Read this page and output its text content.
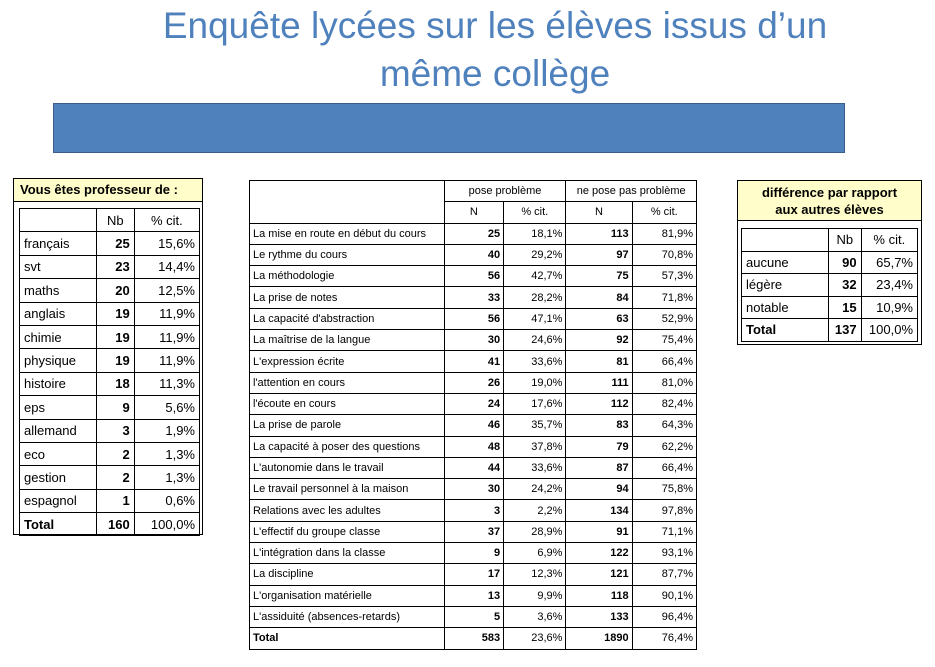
Enquête lycées sur les élèves issus d’un
même collège
Vous êtes professeur de :
	Nb	% cit.
français	25	15,6%
svt	23	14,4%
maths	20	12,5%
anglais	19	11,9%
chimie	19	11,9%
physique	19	11,9%
histoire	18	11,3%
eps	9	5,6%
allemand	3	1,9%
eco	2	1,3%
gestion	2	1,3%
espagnol	1	0,6%
Total	160	100,0%
	pose problème		ne pose pas problème	
	N	% cit.	N	% cit.
La mise en route en début du cours	25	18,1%	113	81,9%
Le rythme du cours	40	29,2%	97	70,8%
La méthodologie	56	42,7%	75	57,3%
La prise de notes	33	28,2%	84	71,8%
La capacité d'abstraction	56	47,1%	63	52,9%
La maîtrise de la langue	30	24,6%	92	75,4%
L'expression écrite	41	33,6%	81	66,4%
l'attention en cours	26	19,0%	111	81,0%
l'écoute en cours	24	17,6%	112	82,4%
La prise de parole	46	35,7%	83	64,3%
La capacité à poser des questions	48	37,8%	79	62,2%
L'autonomie dans le travail	44	33,6%	87	66,4%
Le travail personnel à la maison	30	24,2%	94	75,8%
Relations avec les adultes	3	2,2%	134	97,8%
L'effectif du groupe classe	37	28,9%	91	71,1%
L'intégration dans la classe	9	6,9%	122	93,1%
La discipline	17	12,3%	121	87,7%
L'organisation matérielle	13	9,9%	118	90,1%
L'assiduité (absences-retards)	5	3,6%	133	96,4%
Total	583	23,6%	1890	76,4%
différence par rapport
aux autres élèves
	Nb	% cit.
aucune	90	65,7%
légère	32	23,4%
notable	15	10,9%
Total	137	100,0%
